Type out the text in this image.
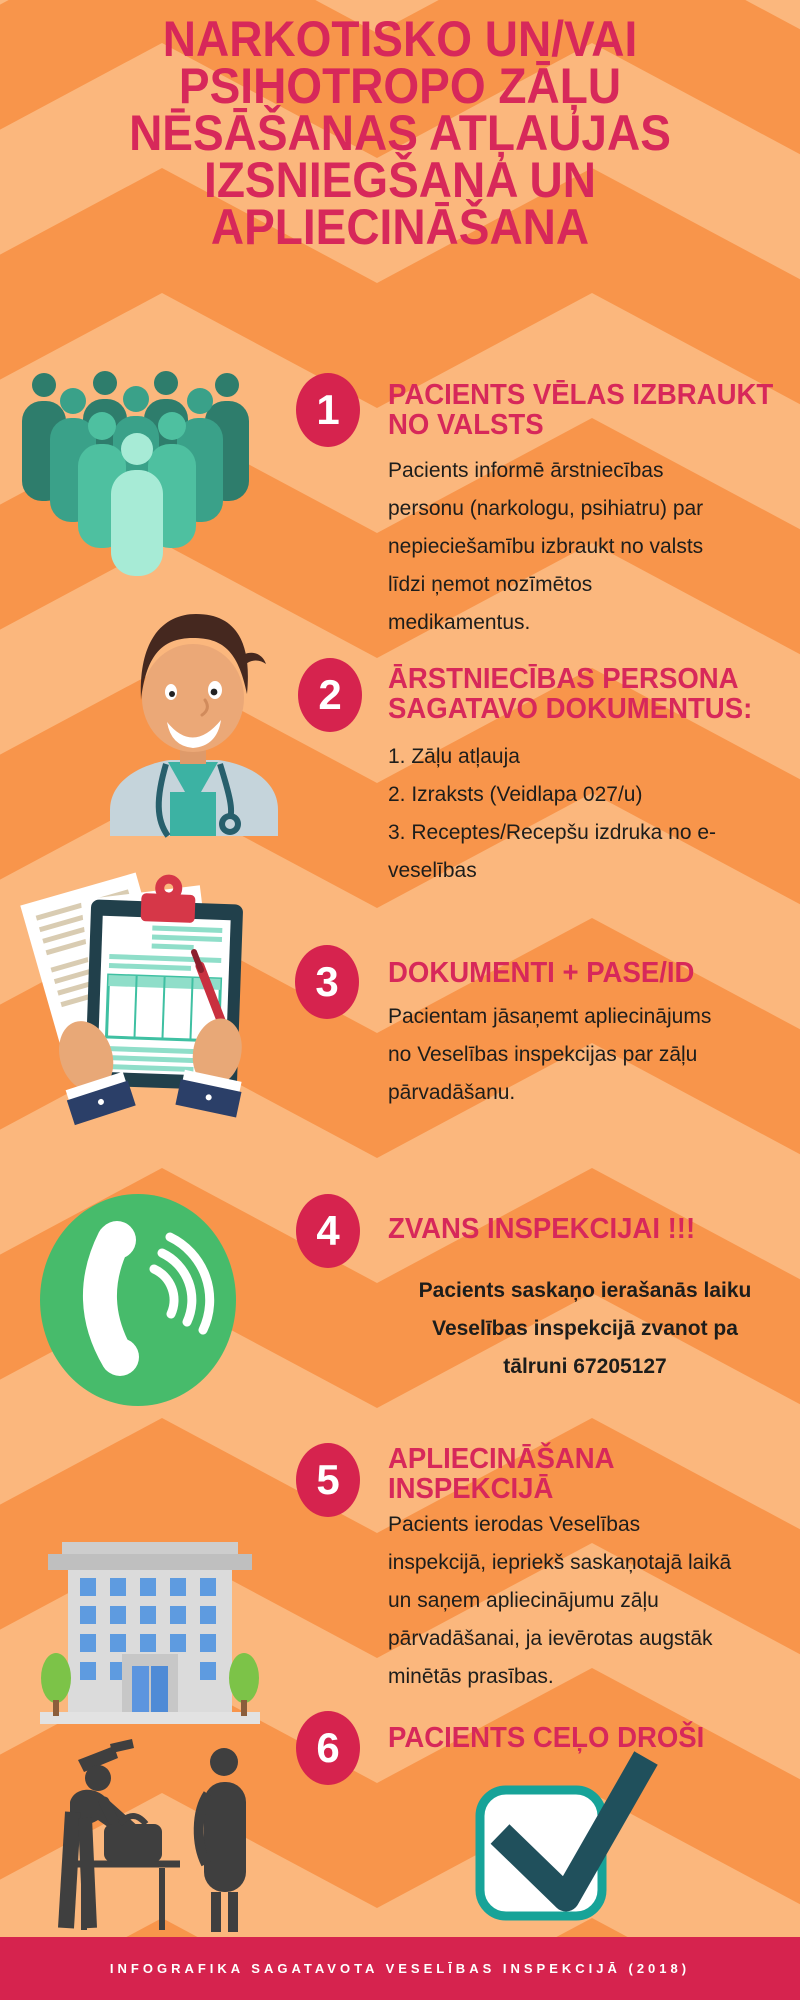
NARKOTISKO UN/VAI
PSIHOTROPO ZĀĻU
NĒSĀŠANAS ATĻAUJAS
IZSNIEGŠANA UN
APLIECINĀŠANA
1
2
3
4
5
6
PACIENTS VĒLAS IZBRAUKT
NO VALSTS
Pacients informē ārstniecības
personu (narkologu, psihiatru) par
nepieciešamību izbraukt no valsts
līdzi ņemot nozīmētos
medikamentus.
ĀRSTNIECĪBAS PERSONA
SAGATAVO DOKUMENTUS:
1. Zāļu atļauja
2. Izraksts (Veidlapa 027/u)
3. Receptes/Recepšu izdruka no e-
veselības
DOKUMENTI + PASE/ID
Pacientam jāsaņemt apliecinājums
no Veselības inspekcijas par zāļu
pārvadāšanu.
ZVANS INSPEKCIJAI !!!
Pacients saskaņo ierašanās laiku
Veselības inspekcijā zvanot pa
tālruni 67205127
APLIECINĀŠANA
INSPEKCIJĀ
Pacients ierodas Veselības
inspekcijā, iepriekš saskaņotajā laikā
un saņem apliecinājumu zāļu
pārvadāšanai, ja ievērotas augstāk
minētās prasības.
PACIENTS CEĻO DROŠI
INFOGRAFIKA SAGATAVOTA VESELĪBAS INSPEKCIJĀ (2018)
